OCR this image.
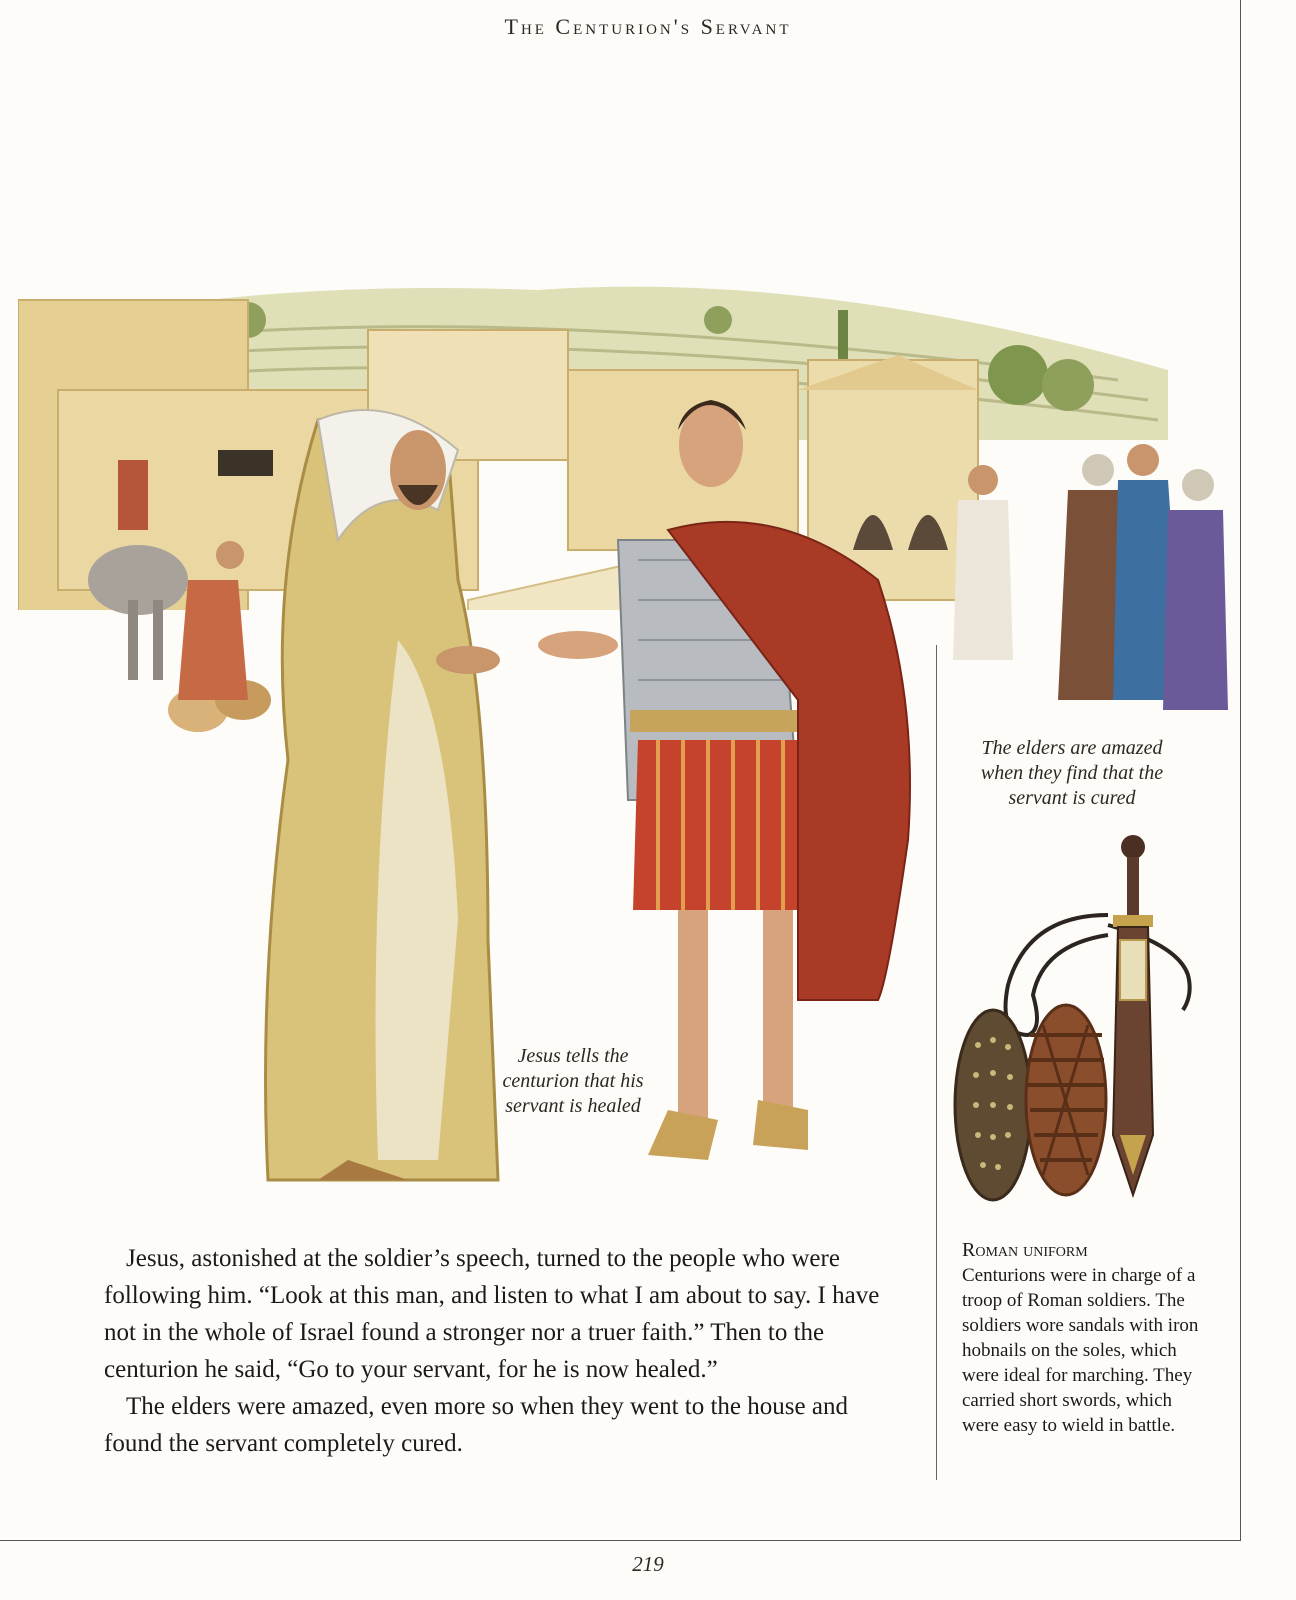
The Centurion's Servant
The elders are amazed when they find that the servant is cured
Jesus tells the centurion that his servant is healed
Roman uniform
Centurions were in charge of a troop of Roman soldiers. The soldiers wore sandals with iron hobnails on the soles, which were ideal for marching. They carried short swords, which were easy to wield in battle.

Jesus, astonished at the soldier’s speech, turned to the people who were following him. “Look at this man, and listen to what I am about to say. I have not in the whole of Israel found a stronger nor a truer faith.” Then to the centurion he said, “Go to your servant, for he is now healed.”

The elders were amazed, even more so when they went to the house and found the servant completely cured.

219
